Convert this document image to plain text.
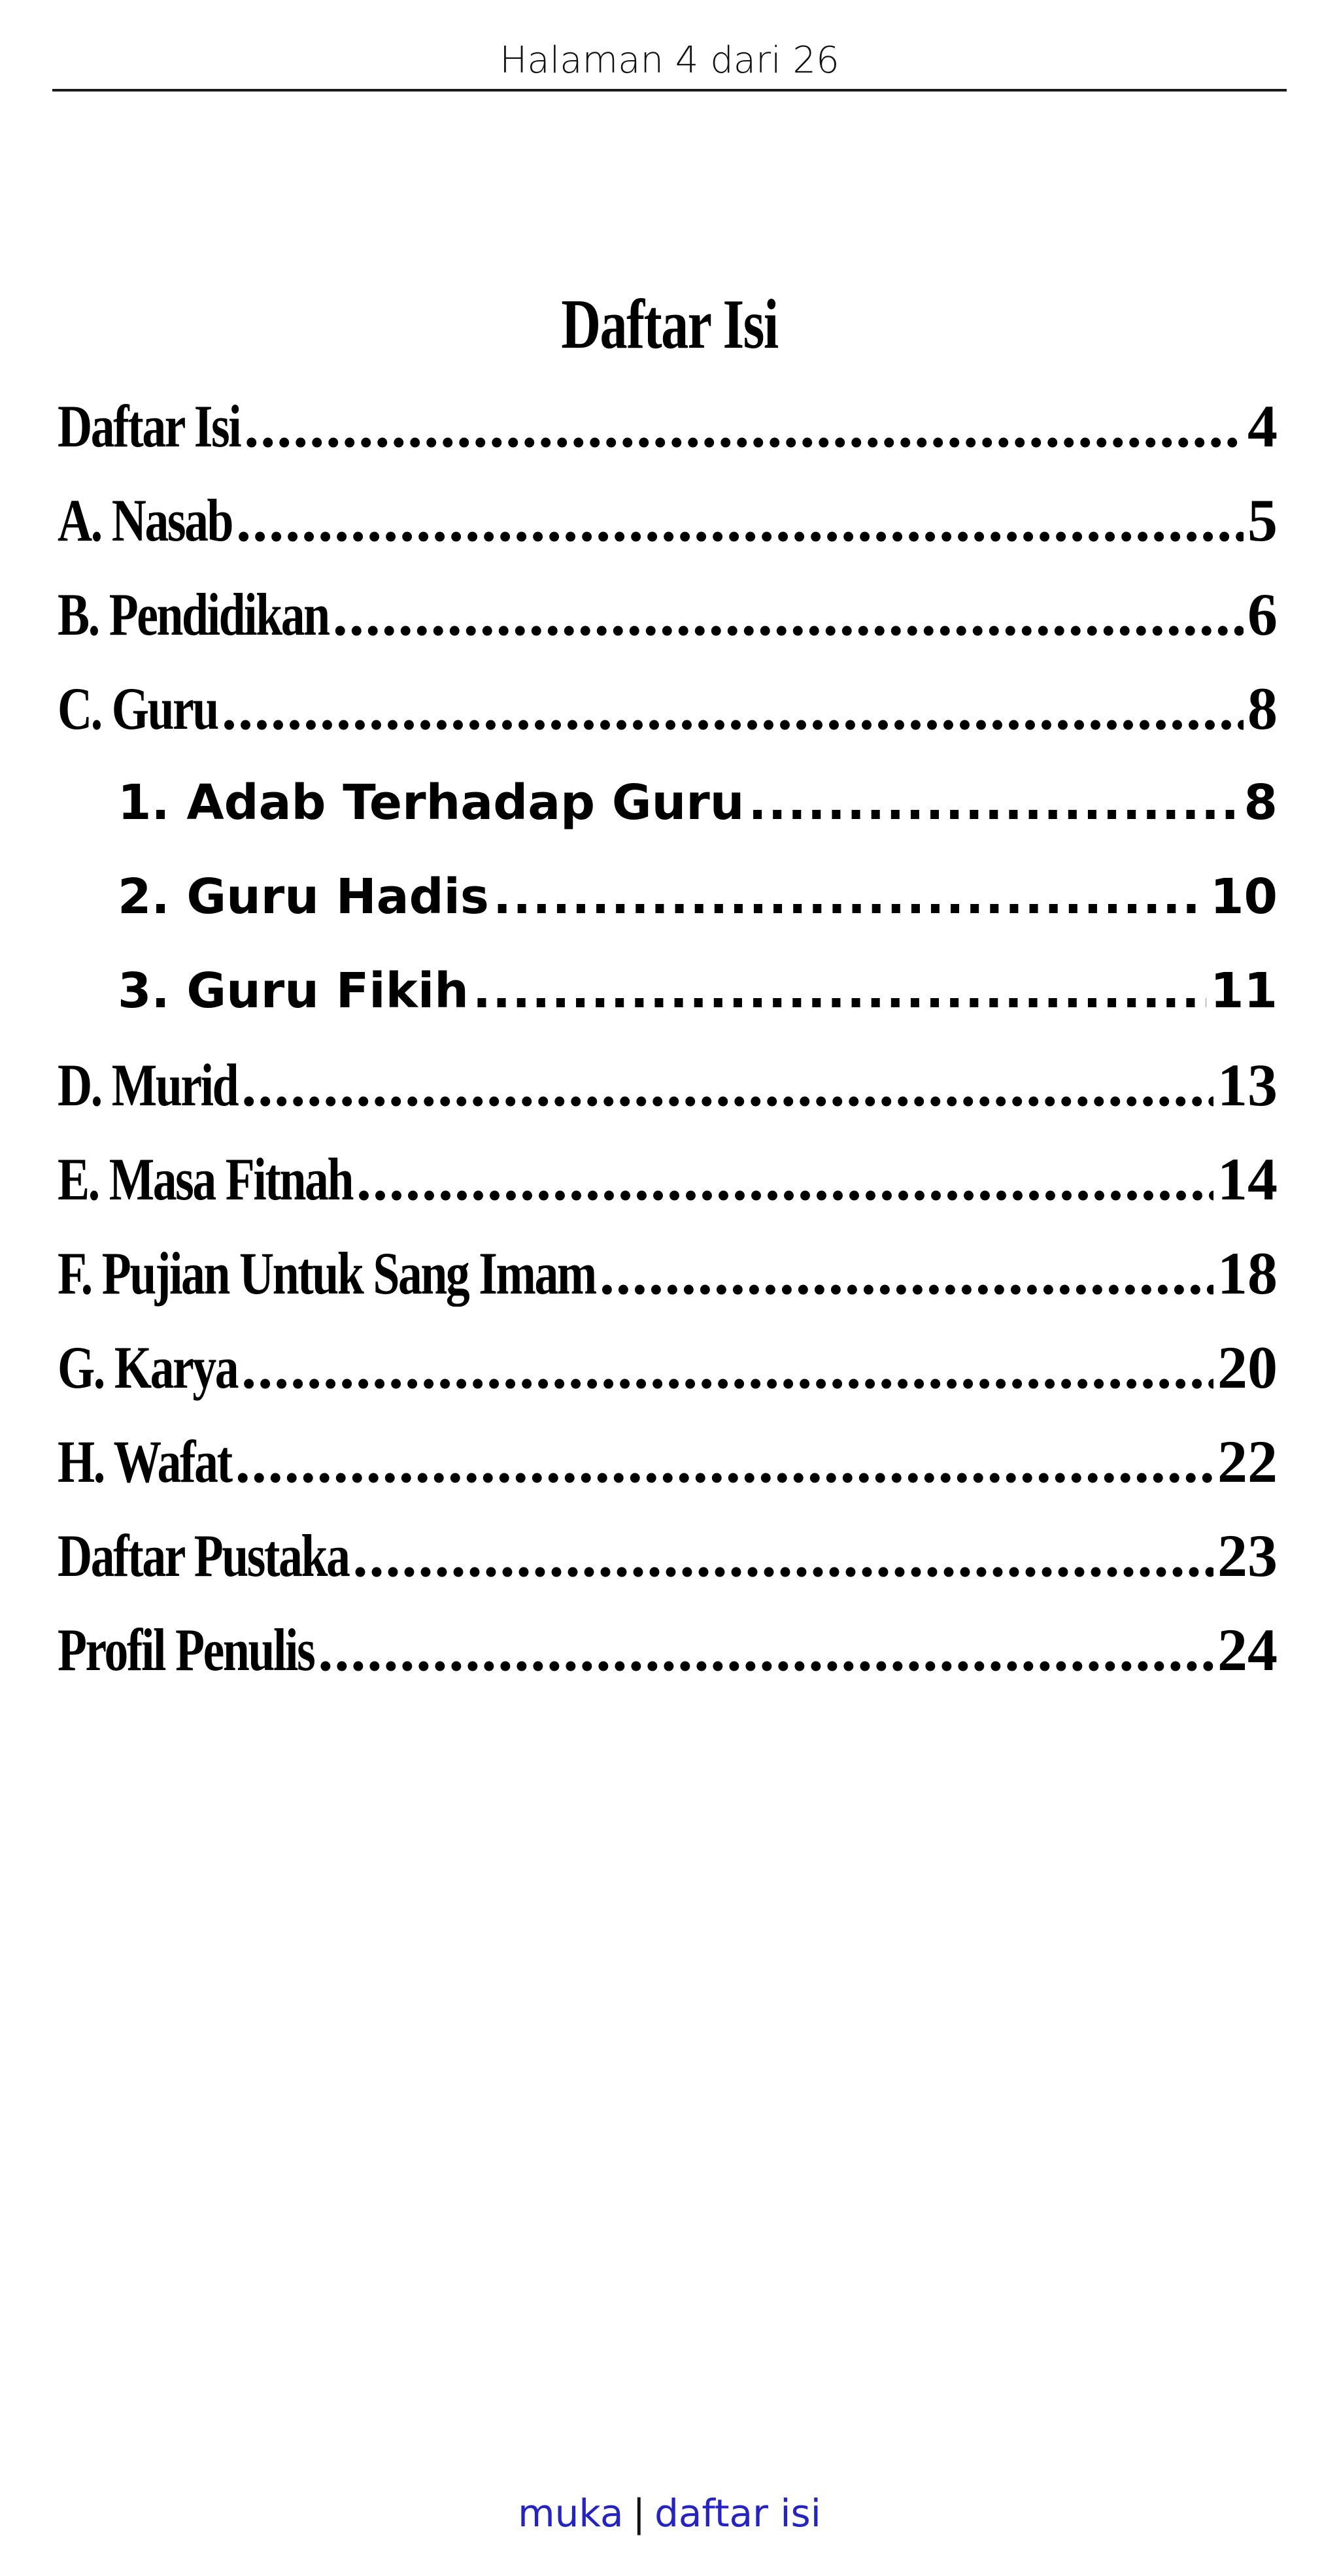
Halaman 4 dari 26
Daftar Isi
Daftar Isi .....	4
A. Nasab .....	5
B. Pendidikan .....	6
C. Guru .....	8
1. Adab Terhadap Guru .....	8
2. Guru Hadis .....	10
3. Guru Fikih .....	11
D. Murid .....	13
E. Masa Fitnah .....	14
F. Pujian Untuk Sang Imam .....	18
G. Karya .....	20
H. Wafat .....	22
Daftar Pustaka .....	23
Profil Penulis .....	24
muka | daftar isi
